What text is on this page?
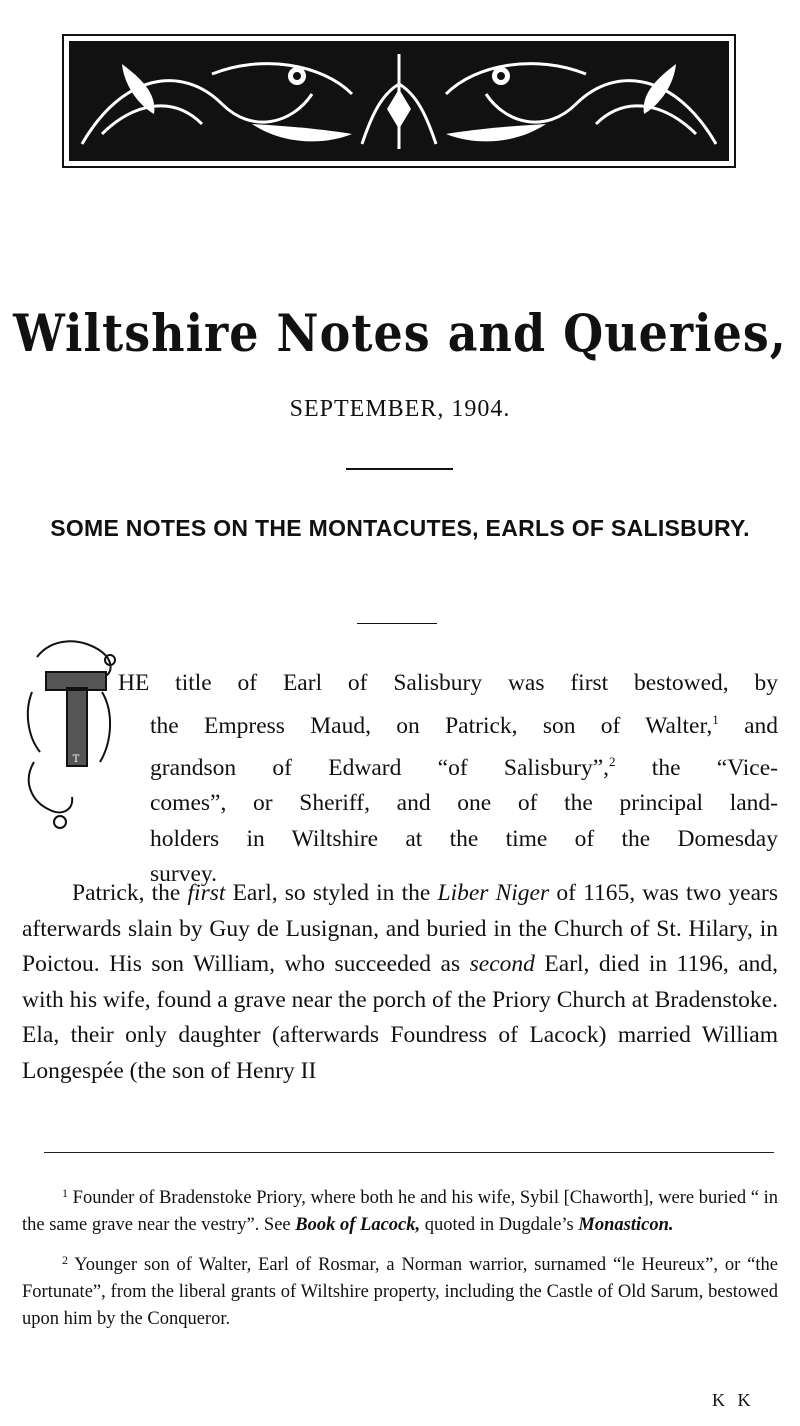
Wiltshire Notes and Queries,
SEPTEMBER, 1904.
SOME NOTES ON THE MONTACUTES, EARLS OF SALISBURY.
T
HE title of Earl of Salisbury was first bestowed, by
the Empress Maud, on Patrick, son of Walter,$^1$ and
grandson of Edward “of Salisbury”,$^2$ the “Vice-
comes”, or Sheriff, and one of the principal land-
holders in Wiltshire at the time of the Domesday
survey.
Patrick, the first Earl, so styled in the Liber Niger of 1165, was two years afterwards slain by Guy de Lusignan, and buried in the Church of St. Hilary, in Poictou. His son William, who succeeded as second Earl, died in 1196, and, with his wife, found a grave near the porch of the Priory Church at Bradenstoke. Ela, their only daughter (afterwards Foundress of Lacock) married William Longespée (the son of Henry II

$^1$ Founder of Bradenstoke Priory, where both he and his wife, Sybil [Chaworth], were buried “ in the same grave near the vestry”. See Book of Lacock, quoted in Dugdale’s Monasticon.

$^2$ Younger son of Walter, Earl of Rosmar, a Norman warrior, surnamed “le Heureux”, or “the Fortunate”, from the liberal grants of Wiltshire property, including the Castle of Old Sarum, bestowed upon him by the Conqueror.

K K
